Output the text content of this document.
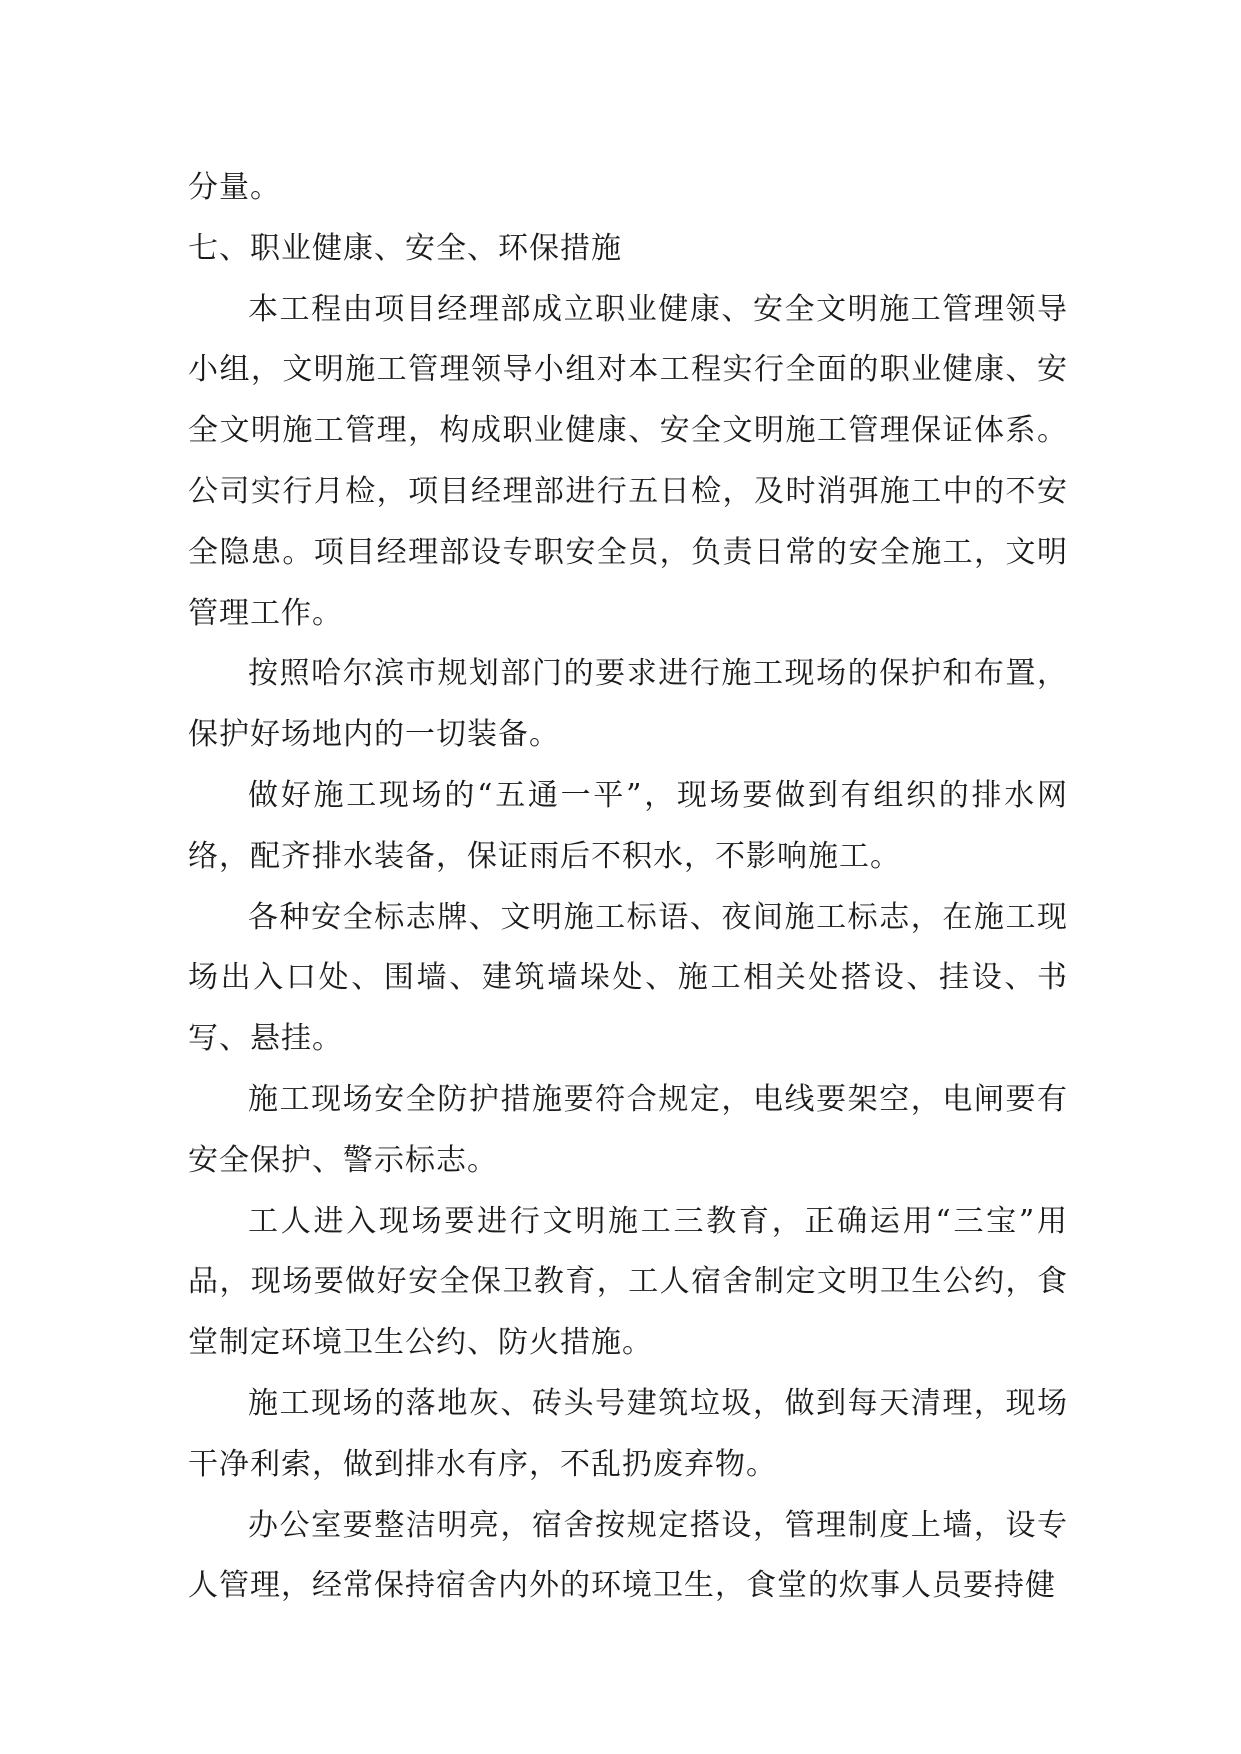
分量。

七、职业健康、安全、环保措施

本工程由项目经理部成立职业健康、安全文明施工管理领导小组，文明施工管理领导小组对本工程实行全面的职业健康、安全文明施工管理，构成职业健康、安全文明施工管理保证体系。公司实行月检，项目经理部进行五日检，及时消弭施工中的不安全隐患。项目经理部设专职安全员，负责日常的安全施工，文明管理工作。

按照哈尔滨市规划部门的要求进行施工现场的保护和布置，保护好场地内的一切装备。

做好施工现场的“五通一平”，现场要做到有组织的排水网络，配齐排水装备，保证雨后不积水，不影响施工。

各种安全标志牌、文明施工标语、夜间施工标志，在施工现场出入口处、围墙、建筑墙垛处、施工相关处搭设、挂设、书写、悬挂。

施工现场安全防护措施要符合规定，电线要架空，电闸要有安全保护、警示标志。

工人进入现场要进行文明施工三教育，正确运用“三宝”用品，现场要做好安全保卫教育，工人宿舍制定文明卫生公约，食堂制定环境卫生公约、防火措施。

施工现场的落地灰、砖头号建筑垃圾，做到每天清理，现场干净利索，做到排水有序，不乱扔废弃物。

办公室要整洁明亮，宿舍按规定搭设，管理制度上墙，设专人管理，经常保持宿舍内外的环境卫生，食堂的炊事人员要持健
